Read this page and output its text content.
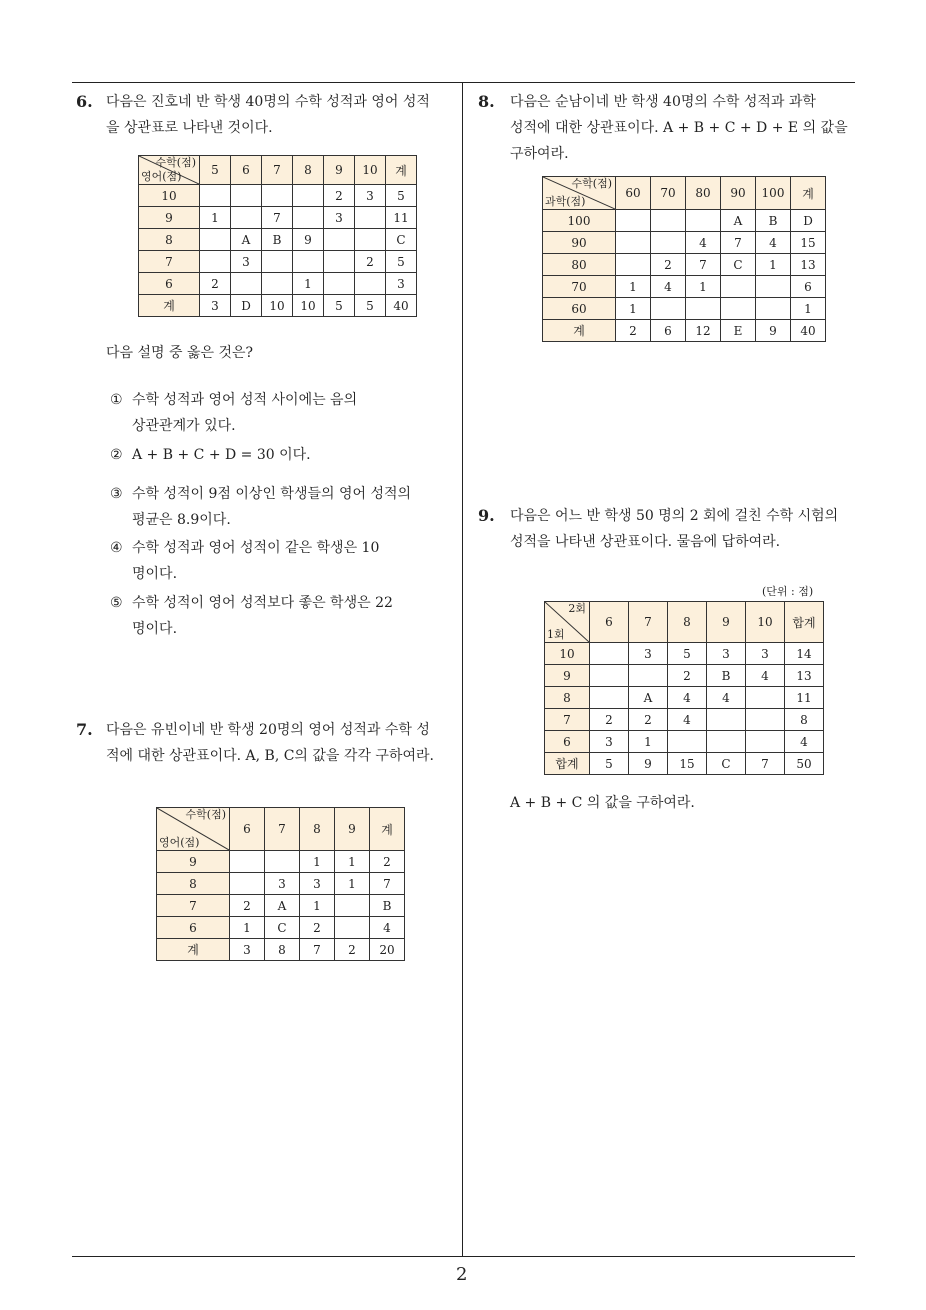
2
6. 다음은 진호네 반 학생 40명의 수학 성적과 영어 성적
을 상관표로 나타낸 것이다.
수학(점)
영어(점)	5	6	7	8	9	10	계
10					2	3	5
9	1		7		3		11
8		A	B	9			C
7		3				2	5
6	2			1			3
계	3	D	10	10	5	5	40
다음 설명 중 옳은 것은?
① 수학 성적과 영어 성적 사이에는 음의
상관관계가 있다.
② A + B + C + D = 30 이다.
③ 수학 성적이 9점 이상인 학생들의 영어 성적의
평균은 8.9이다.
④ 수학 성적과 영어 성적이 같은 학생은 10
명이다.
⑤ 수학 성적이 영어 성적보다 좋은 학생은 22
명이다.
7. 다음은 유빈이네 반 학생 20명의 영어 성적과 수학 성
적에 대한 상관표이다. A, B, C의 값을 각각 구하여라.
수학(점)
영어(점)	6	7	8	9	계
9			1	1	2
8		3	3	1	7
7	2	A	1		B
6	1	C	2		4
계	3	8	7	2	20
8. 다음은 순남이네 반 학생 40명의 수학 성적과 과학
성적에 대한 상관표이다. A + B + C + D + E 의 값을
구하여라.
수학(점)
과학(점)	60	70	80	90	100	계
100				A	B	D
90			4	7	4	15
80		2	7	C	1	13
70	1	4	1			6
60	1					1
계	2	6	12	E	9	40
9. 다음은 어느 반 학생 50 명의 2 회에 걸친 수학 시험의
성적을 나타낸 상관표이다. 물음에 답하여라.
(단위 : 점)
2회
1회	6	7	8	9	10	합계
10		3	5	3	3	14
9			2	B	4	13
8		A	4	4		11
7	2	2	4			8
6	3	1				4
합계	5	9	15	C	7	50
A + B + C 의 값을 구하여라.
